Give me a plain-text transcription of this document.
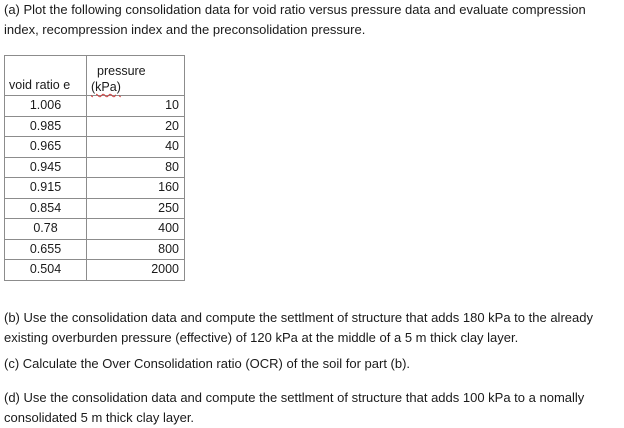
(a) Plot the following consolidation data for void ratio versus pressure data and evaluate compression index, recompression index and the preconsolidation pressure.
void ratio e	pressure
(kPa)

1.006	10
0.985	20
0.965	40
0.945	80
0.915	160
0.854	250
0.78	400
0.655	800
0.504	2000
(b) Use the consolidation data and compute the settlment of structure that adds 180 kPa to the already existing overburden pressure (effective) of 120 kPa at the middle of a 5 m thick clay layer.
(c) Calculate the Over Consolidation ratio (OCR) of the soil for part (b).
(d) Use the consolidation data and compute the settlment of structure that adds 100 kPa to a nomally consolidated 5 m thick clay layer.
